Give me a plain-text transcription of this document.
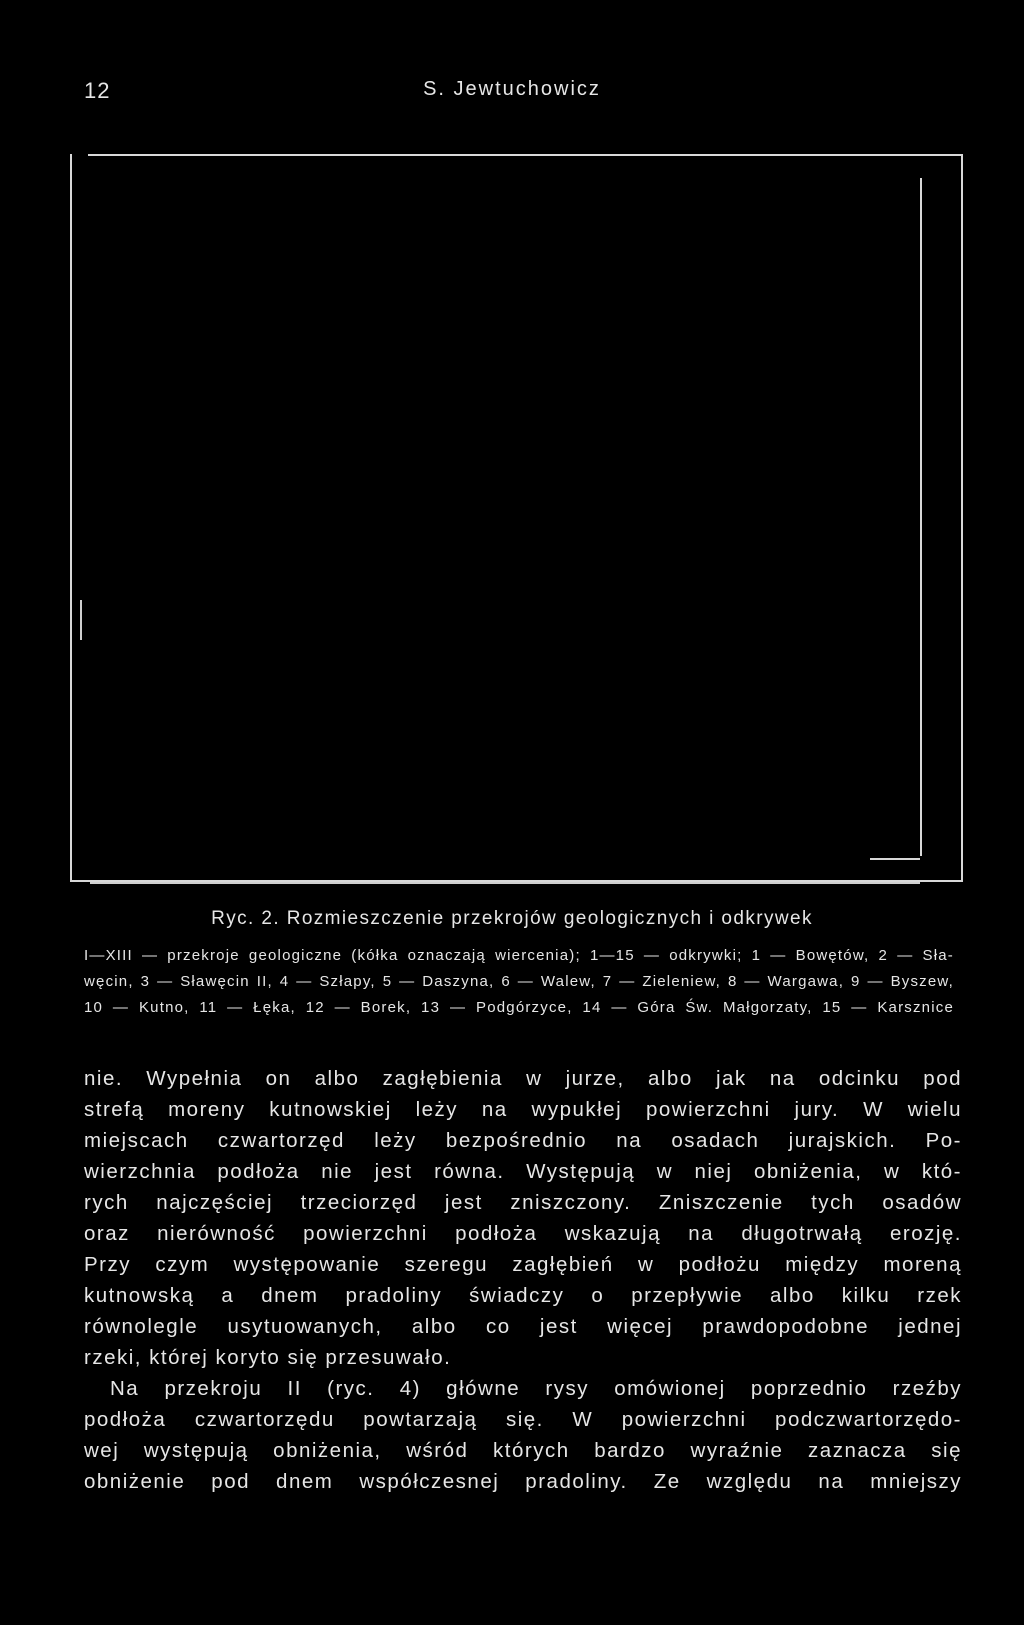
S. Jewtuchowicz
12
Ryc. 2. Rozmieszczenie przekrojów geologicznych i odkrywek
I—XIII — przekroje geologiczne (kółka oznaczają wiercenia); 1—15 — odkrywki; 1 — Bowętów, 2 — Sła-
węcin, 3 — Sławęcin II, 4 — Szłapy, 5 — Daszyna, 6 — Walew, 7 — Zieleniew, 8 — Wargawa, 9 — Byszew,
10 — Kutno, 11 — Łęka, 12 — Borek, 13 — Podgórzyce, 14 — Góra Św. Małgorzaty, 15 — Karsznice
nie. Wypełnia on albo zagłębienia w jurze, albo jak na odcinku pod
strefą moreny kutnowskiej leży na wypukłej powierzchni jury. W wielu
miejscach czwartorzęd leży bezpośrednio na osadach jurajskich. Po-
wierzchnia podłoża nie jest równa. Występują w niej obniżenia, w któ-
rych najczęściej trzeciorzęd jest zniszczony. Zniszczenie tych osadów
oraz nierówność powierzchni podłoża wskazują na długotrwałą erozję.
Przy czym występowanie szeregu zagłębień w podłożu między moreną
kutnowską a dnem pradoliny świadczy o przepływie albo kilku rzek
równolegle usytuowanych, albo co jest więcej prawdopodobne jednej
rzeki, której koryto się przesuwało.
Na przekroju II (ryc. 4) główne rysy omówionej poprzednio rzeźby
podłoża czwartorzędu powtarzają się. W powierzchni podczwartorzędo-
wej występują obniżenia, wśród których bardzo wyraźnie zaznacza się
obniżenie pod dnem współczesnej pradoliny. Ze względu na mniejszy
